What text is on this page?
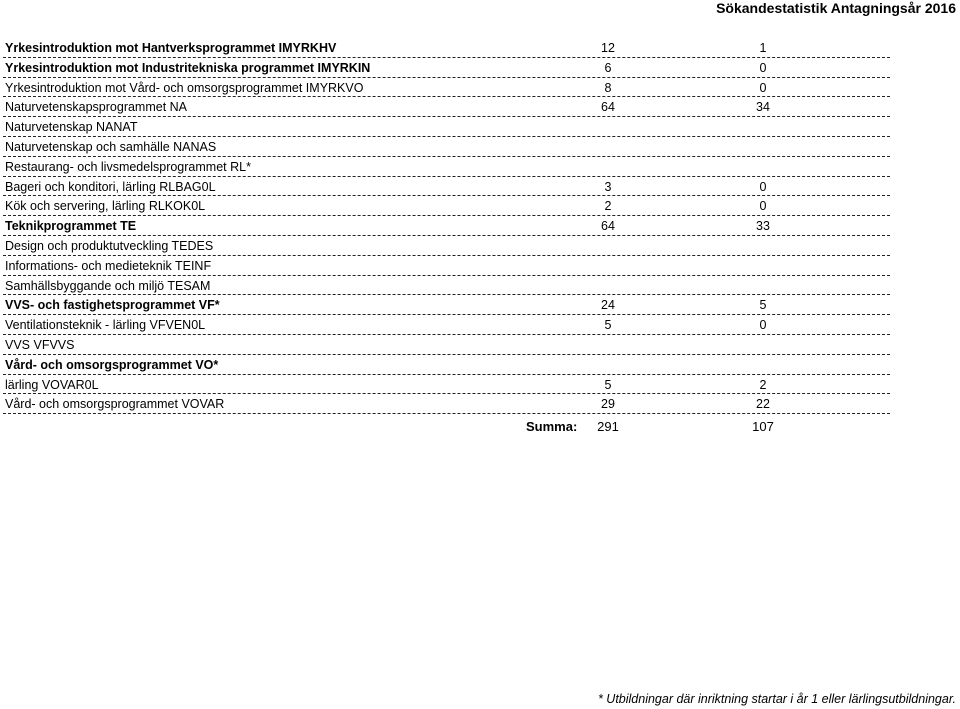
Sökandestatistik Antagningsår 2016
Yrkesintroduktion mot Hantverksprogrammet IMYRKHV	12	1
Yrkesintroduktion mot Industritekniska programmet IMYRKIN	6	0
Yrkesintroduktion mot Vård- och omsorgsprogrammet IMYRKVO	8	0
Naturvetenskapsprogrammet NA	64	34
Naturvetenskap NANAT
Naturvetenskap och samhälle NANAS
Restaurang- och livsmedelsprogrammet RL*
Bageri och konditori, lärling RLBAG0L	3	0
Kök och servering, lärling RLKOK0L	2	0
Teknikprogrammet TE	64	33
Design och produktutveckling TEDES
Informations- och medieteknik TEINF
Samhällsbyggande och miljö TESAM
VVS- och fastighetsprogrammet VF*	24	5
Ventilationsteknik - lärling VFVEN0L	5	0
VVS VFVVS
Vård- och omsorgsprogrammet VO*
lärling VOVAR0L	5	2
Vård- och omsorgsprogrammet VOVAR	29	22
Summa:	291	107
* Utbildningar där inriktning startar i år 1 eller lärlingsutbildningar.
